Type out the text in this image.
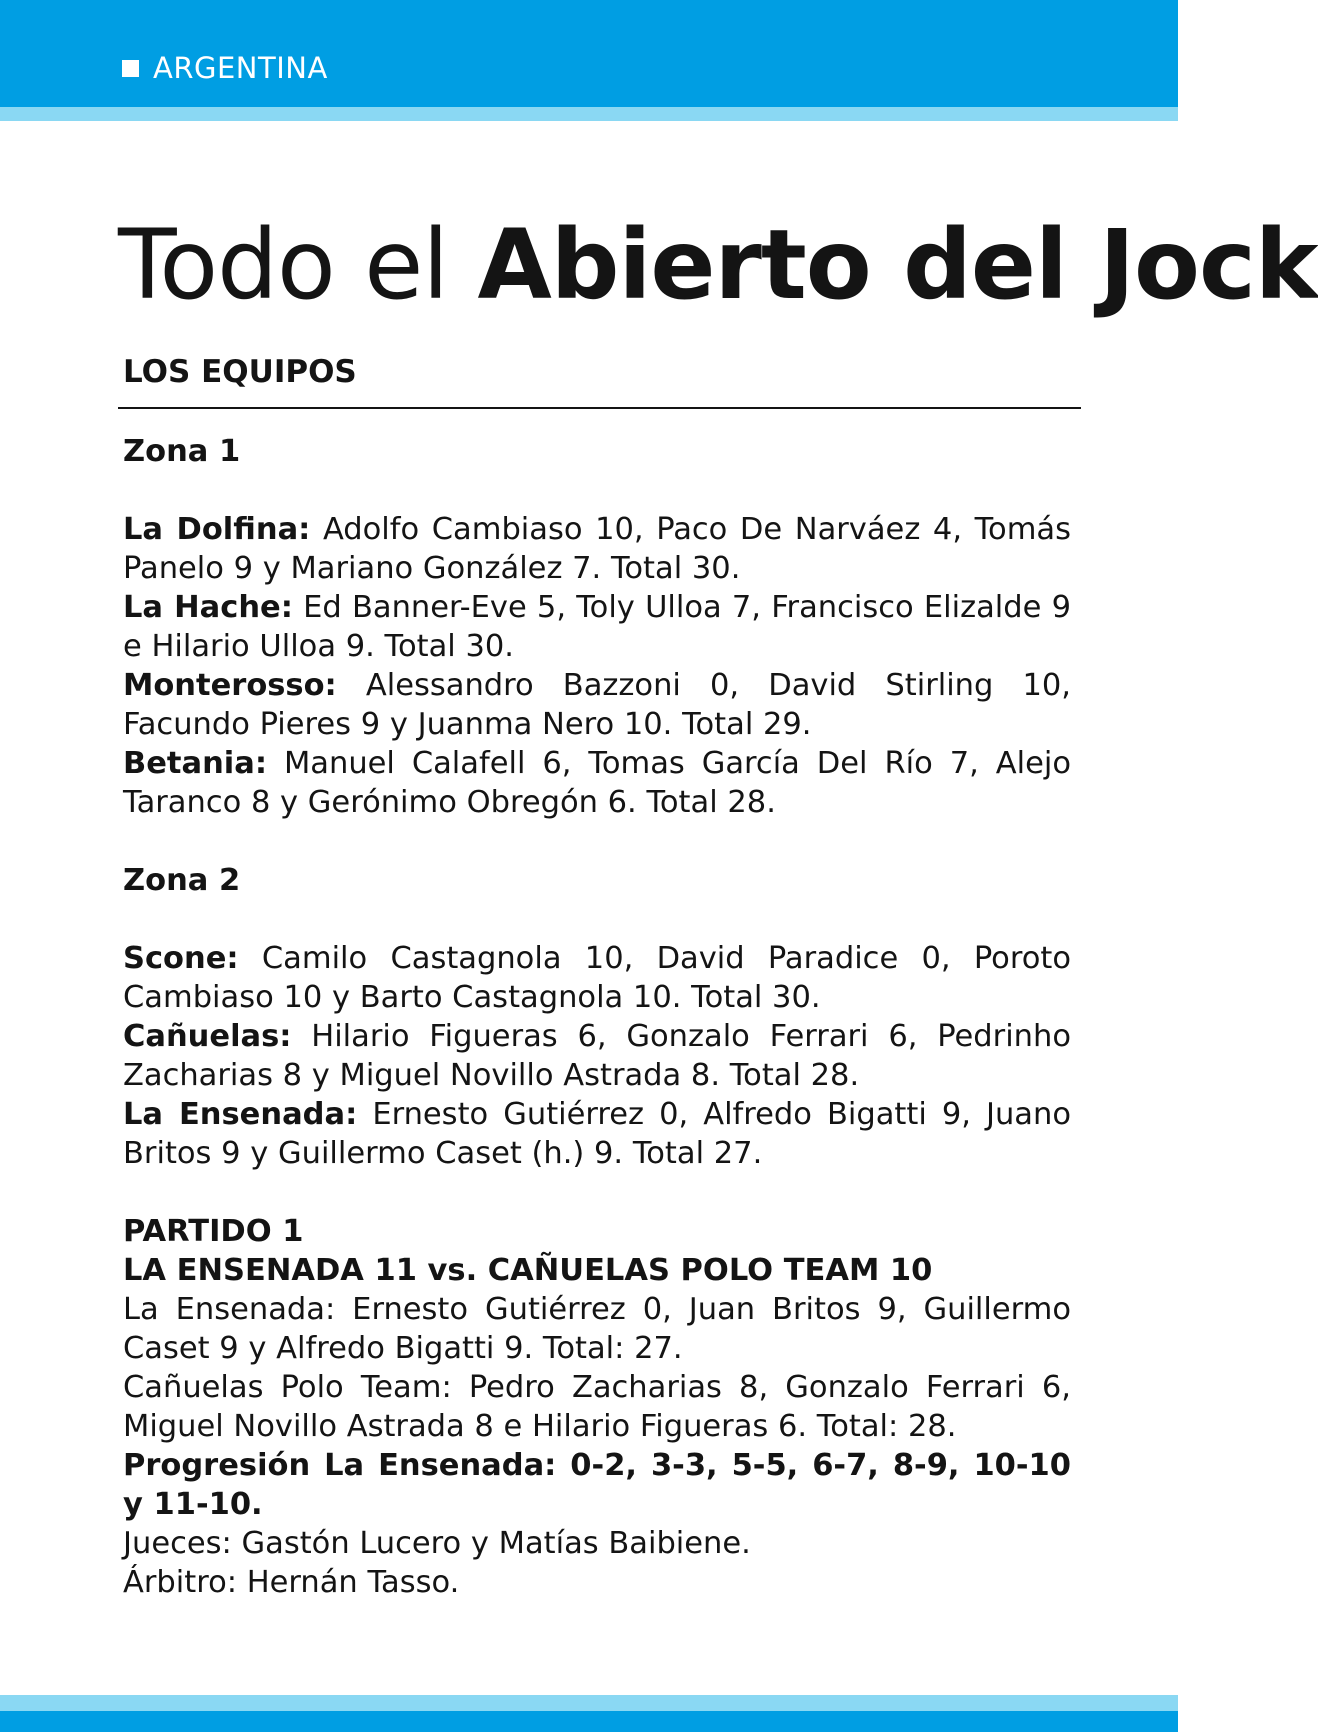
ARGENTINA
Todo el Abierto del Jock
LOS EQUIPOS

Zona 1

La Dolfina: Adolfo Cambiaso 10, Paco De Narváez 4, Tomás Panelo 9 y Mariano González 7. Total 30.

La Hache: Ed Banner-Eve 5, Toly Ulloa 7, Francisco Elizalde 9 e Hilario Ulloa 9. Total 30.

Monterosso: Alessandro Bazzoni 0, David Stirling 10, Facundo Pieres 9 y Juanma Nero 10. Total 29.

Betania: Manuel Calafell 6, Tomas García Del Río 7, Alejo Taranco 8 y Gerónimo Obregón 6. Total 28.

Zona 2

Scone: Camilo Castagnola 10, David Paradice 0, Poroto Cambiaso 10 y Barto Castagnola 10. Total 30.

Cañuelas: Hilario Figueras 6, Gonzalo Ferrari 6, Pedrinho Zacharias 8 y Miguel Novillo Astrada 8. Total 28.

La Ensenada: Ernesto Gutiérrez 0, Alfredo Bigatti 9, Juano Britos 9 y Guillermo Caset (h.) 9. Total 27.

PARTIDO 1

LA ENSENADA 11 vs. CAÑUELAS POLO TEAM 10

La Ensenada: Ernesto Gutiérrez 0, Juan Britos 9, Guillermo Caset 9 y Alfredo Bigatti 9. Total: 27.

Cañuelas Polo Team: Pedro Zacharias 8, Gonzalo Ferrari 6, Miguel Novillo Astrada 8 e Hilario Figueras 6. Total: 28.

Progresión La Ensenada: 0-2, 3-3, 5-5, 6-7, 8-9, 10-10 y 11-10.

Jueces: Gastón Lucero y Matías Baibiene.

Árbitro: Hernán Tasso.
